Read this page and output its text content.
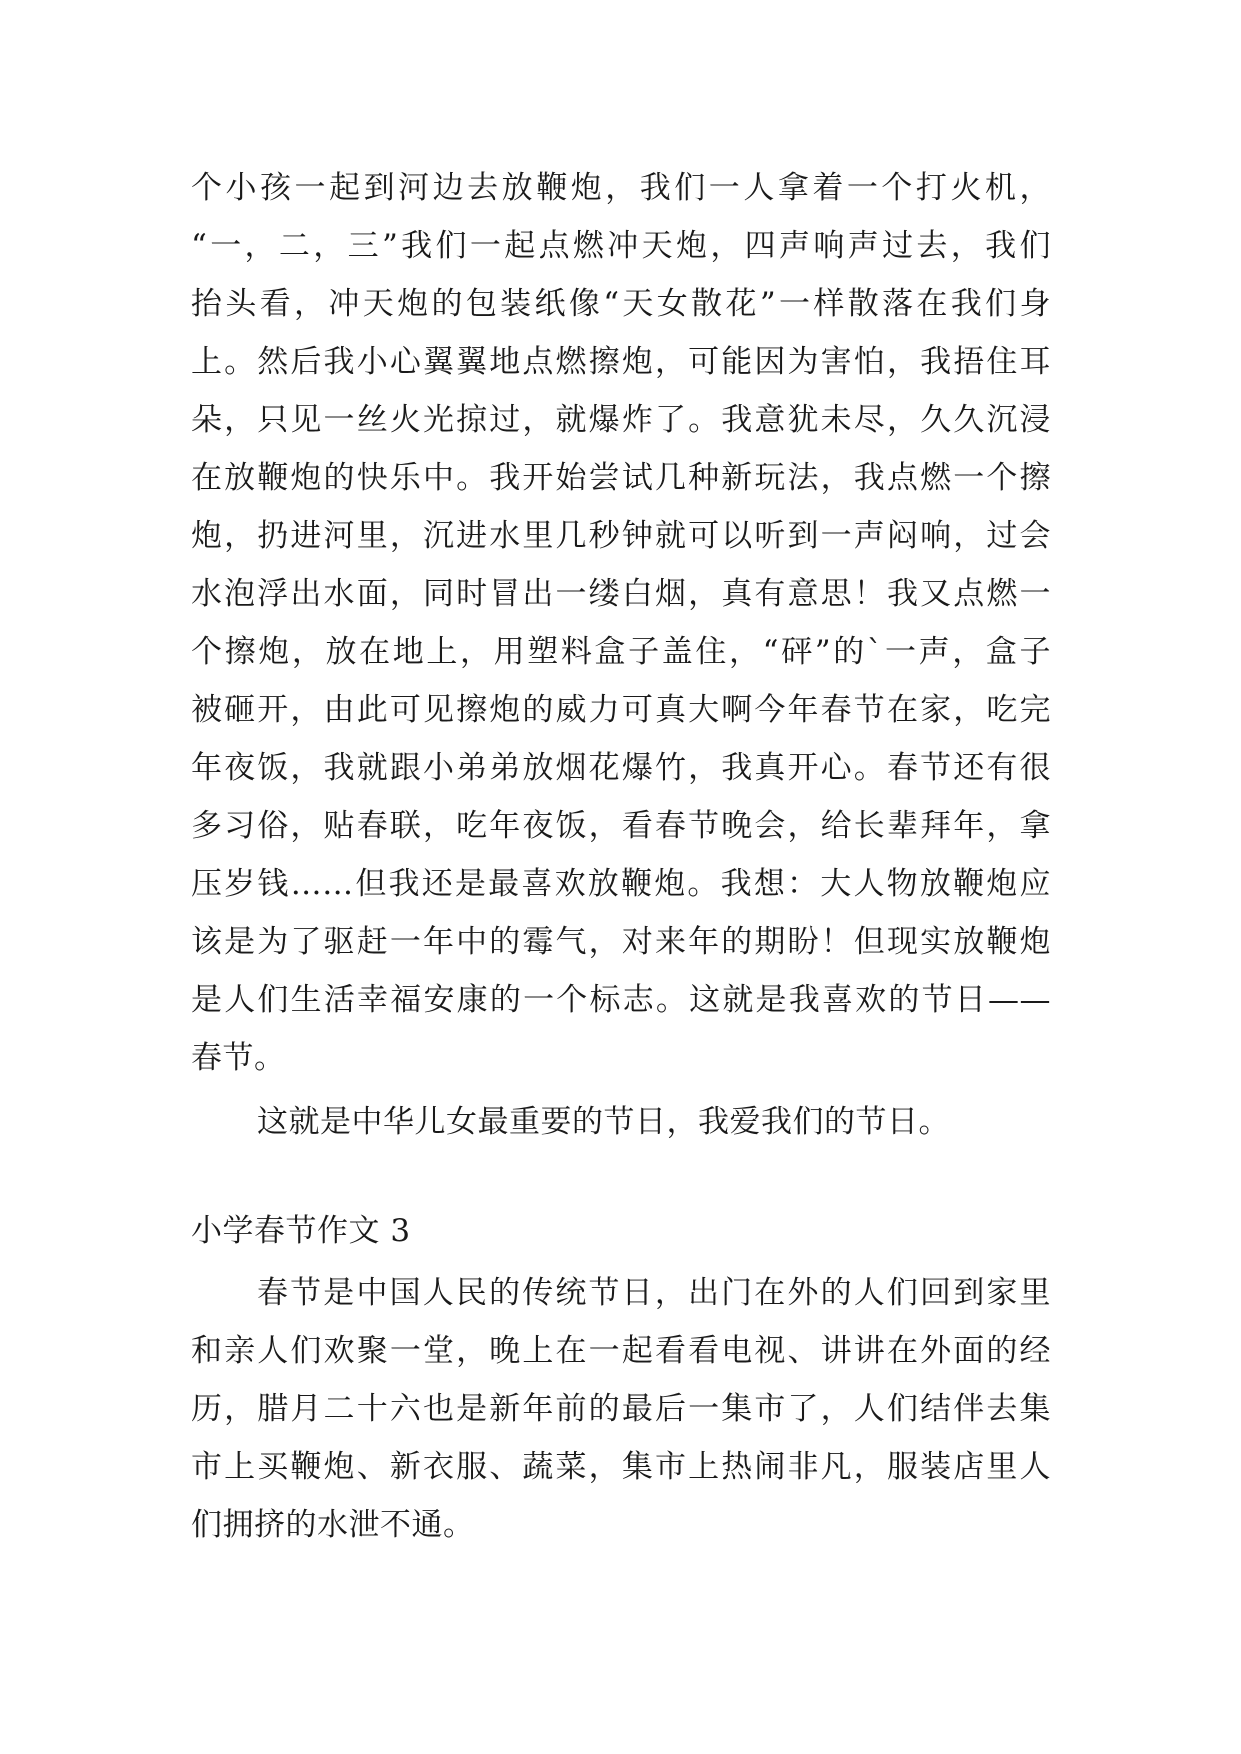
个小孩一起到河边去放鞭炮，我们一人拿着一个打火机，
“一，二，三”我们一起点燃冲天炮，四声响声过去，我们
抬头看，冲天炮的包装纸像“天女散花”一样散落在我们身
上。然后我小心翼翼地点燃擦炮，可能因为害怕，我捂住耳
朵，只见一丝火光掠过，就爆炸了。我意犹未尽，久久沉浸
在放鞭炮的快乐中。我开始尝试几种新玩法，我点燃一个擦
炮，扔进河里，沉进水里几秒钟就可以听到一声闷响，过会
水泡浮出水面，同时冒出一缕白烟，真有意思！我又点燃一
个擦炮，放在地上，用塑料盒子盖住，“砰”的`一声，盒子
被砸开，由此可见擦炮的威力可真大啊今年春节在家，吃完
年夜饭，我就跟小弟弟放烟花爆竹，我真开心。春节还有很
多习俗，贴春联，吃年夜饭，看春节晚会，给长辈拜年，拿
压岁钱……但我还是最喜欢放鞭炮。我想：大人物放鞭炮应
该是为了驱赶一年中的霉气，对来年的期盼！但现实放鞭炮
是人们生活幸福安康的一个标志。这就是我喜欢的节日——
春节。
这就是中华儿女最重要的节日，我爱我们的节日。
小学春节作文 3
春节是中国人民的传统节日，出门在外的人们回到家里
和亲人们欢聚一堂，晚上在一起看看电视、讲讲在外面的经
历，腊月二十六也是新年前的最后一集市了，人们结伴去集
市上买鞭炮、新衣服、蔬菜，集市上热闹非凡，服装店里人
们拥挤的水泄不通。
